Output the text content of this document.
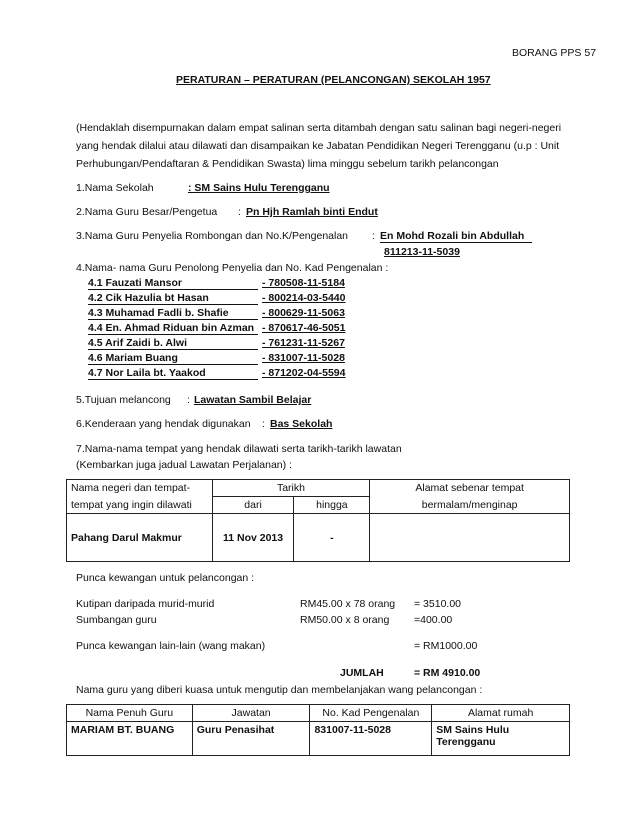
BORANG PPS 57
PERATURAN – PERATURAN (PELANCONGAN) SEKOLAH 1957
(Hendaklah disempurnakan dalam empat salinan serta ditambah dengan satu salinan bagi negeri-negeri
yang hendak dilalui atau dilawati dan disampaikan ke Jabatan Pendidikan Negeri Terengganu (u.p : Unit
Perhubungan/Pendaftaran & Pendidikan Swasta) lima minggu sebelum tarikh pelancongan
1.Nama Sekolah	: SM Sains Hulu Terengganu
2.Nama Guru Besar/Pengetua : Pn Hjh Ramlah binti Endut
3.Nama Guru Penyelia Rombongan dan No.K/Pengenalan : En Mohd Rozali bin Abdullah
811213-11-5039
4.Nama- nama Guru Penolong Penyelia dan No. Kad Pengenalan :
4.1 Fauzati Mansor	- 780508-11-5184
4.2 Cik Hazulia bt Hasan	- 800214-03-5440
4.3 Muhamad Fadli b. Shafie	- 800629-11-5063
4.4 En. Ahmad Riduan bin Azman - 870617-46-5051
4.5 Arif Zaidi b. Alwi	- 761231-11-5267
4.6 Mariam Buang	- 831007-11-5028
4.7 Nor Laila bt. Yaakod	- 871202-04-5594
5.Tujuan melancong : Lawatan Sambil Belajar
6.Kenderaan yang hendak digunakan : Bas Sekolah
7.Nama-nama tempat yang hendak dilawati serta tarikh-tarikh lawatan
(Kembarkan juga jadual Lawatan Perjalanan) :
Nama negeri dan tempat-	Tarikh		Alamat sebenar tempat
tempat yang ingin dilawati	dari	hingga	bermalam/menginap
Pahang Darul Makmur	11 Nov 2013	-	
Punca kewangan untuk pelancongan :
Kutipan daripada murid-murid	RM45.00 x 78 orang = 3510.00
Sumbangan guru	RM50.00 x 8 orang =400.00
Punca kewangan lain-lain (wang makan)	= RM1000.00
JUMLAH	= RM 4910.00
Nama guru yang diberi kuasa untuk mengutip dan membelanjakan wang pelancongan :
Nama Penuh Guru	Jawatan	No. Kad Pengenalan	Alamat rumah
MARIAM BT. BUANG	Guru Penasihat	831007-11-5028	SM Sains Hulu
Terengganu
